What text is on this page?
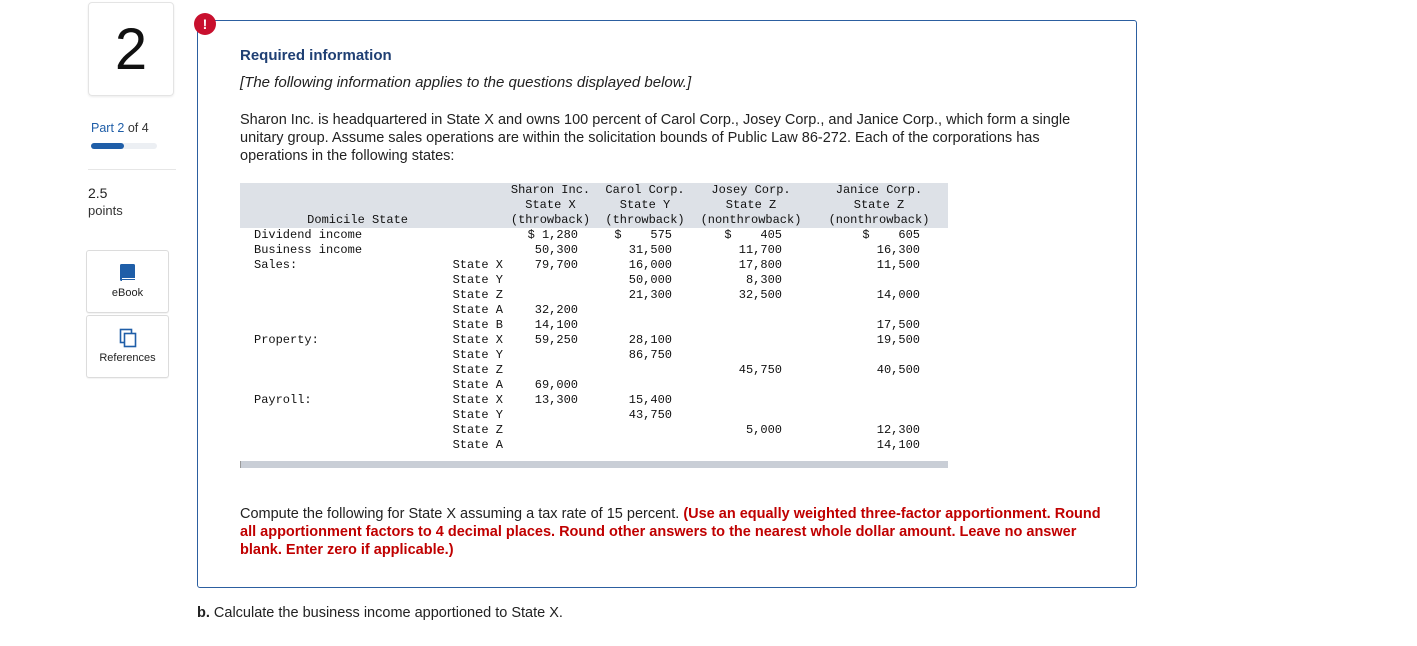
2
Part 2 of 4
2.5
points
eBook
References
!
Required information
[The following information applies to the questions displayed below.]
Sharon Inc. is headquartered in State X and owns 100 percent of Carol Corp., Josey Corp., and Janice Corp., which form a single unitary group. Assume sales operations are within the solicitation bounds of Public Law 86-272. Each of the corporations has operations in the following states:
		Sharon Inc.	Carol Corp.	Josey Corp.	Janice Corp.
		State X	State Y	State Z	State Z
Domicile State		(throwback)	(throwback)	(nonthrowback)	(nonthrowback)
Dividend income		$ 1,280	$    575	$    405	$    605
Business income		50,300	31,500	11,700	16,300
Sales:	State X	79,700	16,000	17,800	11,500
	State Y		50,000	8,300	
	State Z		21,300	32,500	14,000
	State A	32,200			
	State B	14,100			17,500
Property:	State X	59,250	28,100		19,500
	State Y		86,750		
	State Z			45,750	40,500
	State A	69,000			
Payroll:	State X	13,300	15,400		
	State Y		43,750		
	State Z			5,000	12,300
	State A				14,100
Compute the following for State X assuming a tax rate of 15 percent. (Use an equally weighted three-factor apportionment. Round all apportionment factors to 4 decimal places. Round other answers to the nearest whole dollar amount. Leave no answer blank. Enter zero if applicable.)
b. Calculate the business income apportioned to State X.
